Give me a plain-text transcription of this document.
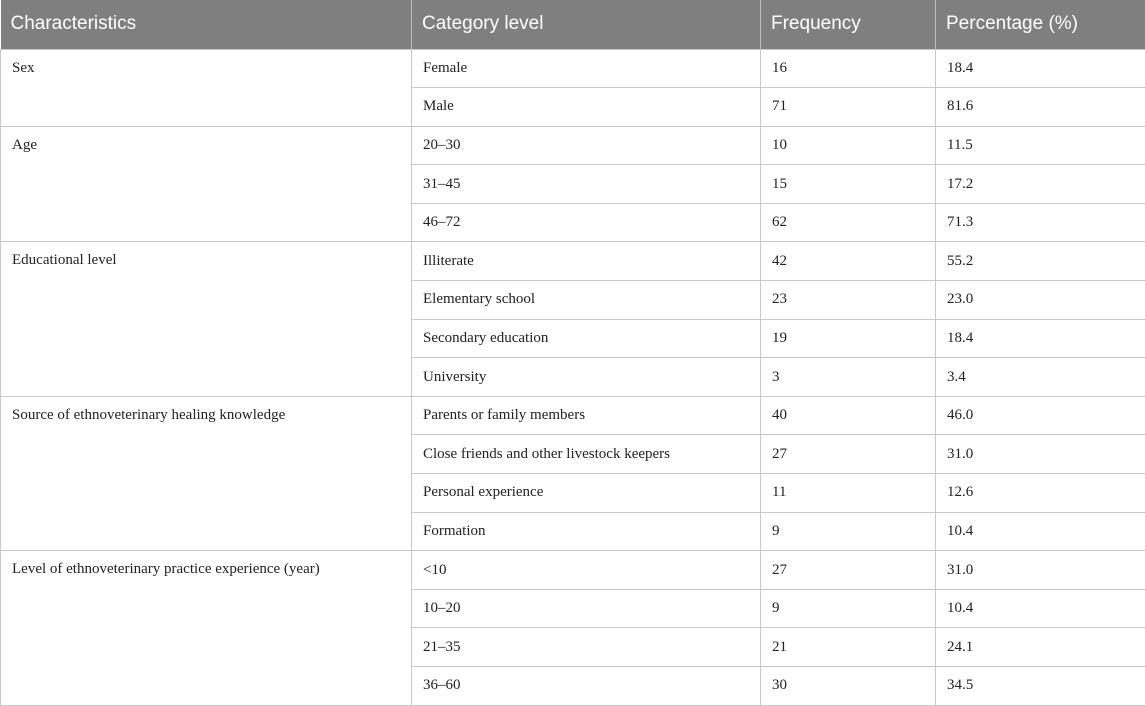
Characteristics	Category level	Frequency	Percentage (%)
Sex	Female	16	18.4
	Male	71	81.6
Age	20–30	10	11.5
	31–45	15	17.2
	46–72	62	71.3
Educational level	Illiterate	42	55.2
	Elementary school	23	23.0
	Secondary education	19	18.4
	University	3	3.4
Source of ethnoveterinary healing knowledge	Parents or family members	40	46.0
	Close friends and other livestock keepers	27	31.0
	Personal experience	11	12.6
	Formation	9	10.4
Level of ethnoveterinary practice experience (year)	<10	27	31.0
	10–20	9	10.4
	21–35	21	24.1
	36–60	30	34.5
